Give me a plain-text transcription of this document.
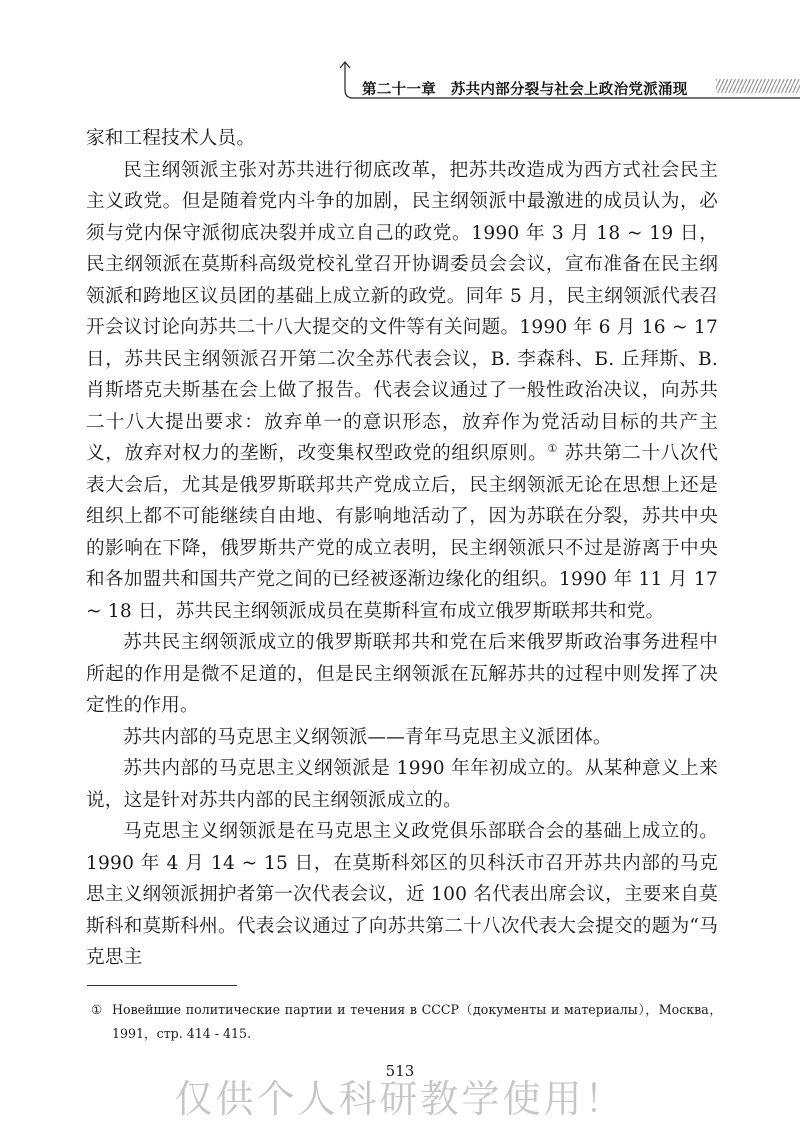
第二十一章　苏共内部分裂与社会上政治党派涌现

家和工程技术人员。

民主纲领派主张对苏共进行彻底改革，把苏共改造成为西方式社会民主主义政党。但是随着党内斗争的加剧，民主纲领派中最激进的成员认为，必须与党内保守派彻底决裂并成立自己的政党。1990 年 3 月 18 ~ 19 日，民主纲领派在莫斯科高级党校礼堂召开协调委员会会议，宣布准备在民主纲领派和跨地区议员团的基础上成立新的政党。同年 5 月，民主纲领派代表召开会议讨论向苏共二十八大提交的文件等有关问题。1990 年 6 月 16 ~ 17 日，苏共民主纲领派召开第二次全苏代表会议，B. 李森科、Б. 丘拜斯、B. 肖斯塔克夫斯基在会上做了报告。代表会议通过了一般性政治决议，向苏共二十八大提出要求：放弃单一的意识形态，放弃作为党活动目标的共产主义，放弃对权力的垄断，改变集权型政党的组织原则。① 苏共第二十八次代表大会后，尤其是俄罗斯联邦共产党成立后，民主纲领派无论在思想上还是组织上都不可能继续自由地、有影响地活动了，因为苏联在分裂，苏共中央的影响在下降，俄罗斯共产党的成立表明，民主纲领派只不过是游离于中央和各加盟共和国共产党之间的已经被逐渐边缘化的组织。1990 年 11 月 17 ~ 18 日，苏共民主纲领派成员在莫斯科宣布成立俄罗斯联邦共和党。

苏共民主纲领派成立的俄罗斯联邦共和党在后来俄罗斯政治事务进程中所起的作用是微不足道的，但是民主纲领派在瓦解苏共的过程中则发挥了决定性的作用。

苏共内部的马克思主义纲领派——青年马克思主义派团体。

苏共内部的马克思主义纲领派是 1990 年年初成立的。从某种意义上来说，这是针对苏共内部的民主纲领派成立的。

马克思主义纲领派是在马克思主义政党俱乐部联合会的基础上成立的。1990 年 4 月 14 ~ 15 日，在莫斯科郊区的贝科沃市召开苏共内部的马克思主义纲领派拥护者第一次代表会议，近 100 名代表出席会议，主要来自莫斯科和莫斯科州。代表会议通过了向苏共第二十八次代表大会提交的题为“马克思主

① Новейшие политические партии и течения в СССР（документы и материалы），Москва，1991，стр. 414 - 415.
513
仅供个人科研教学使用！
